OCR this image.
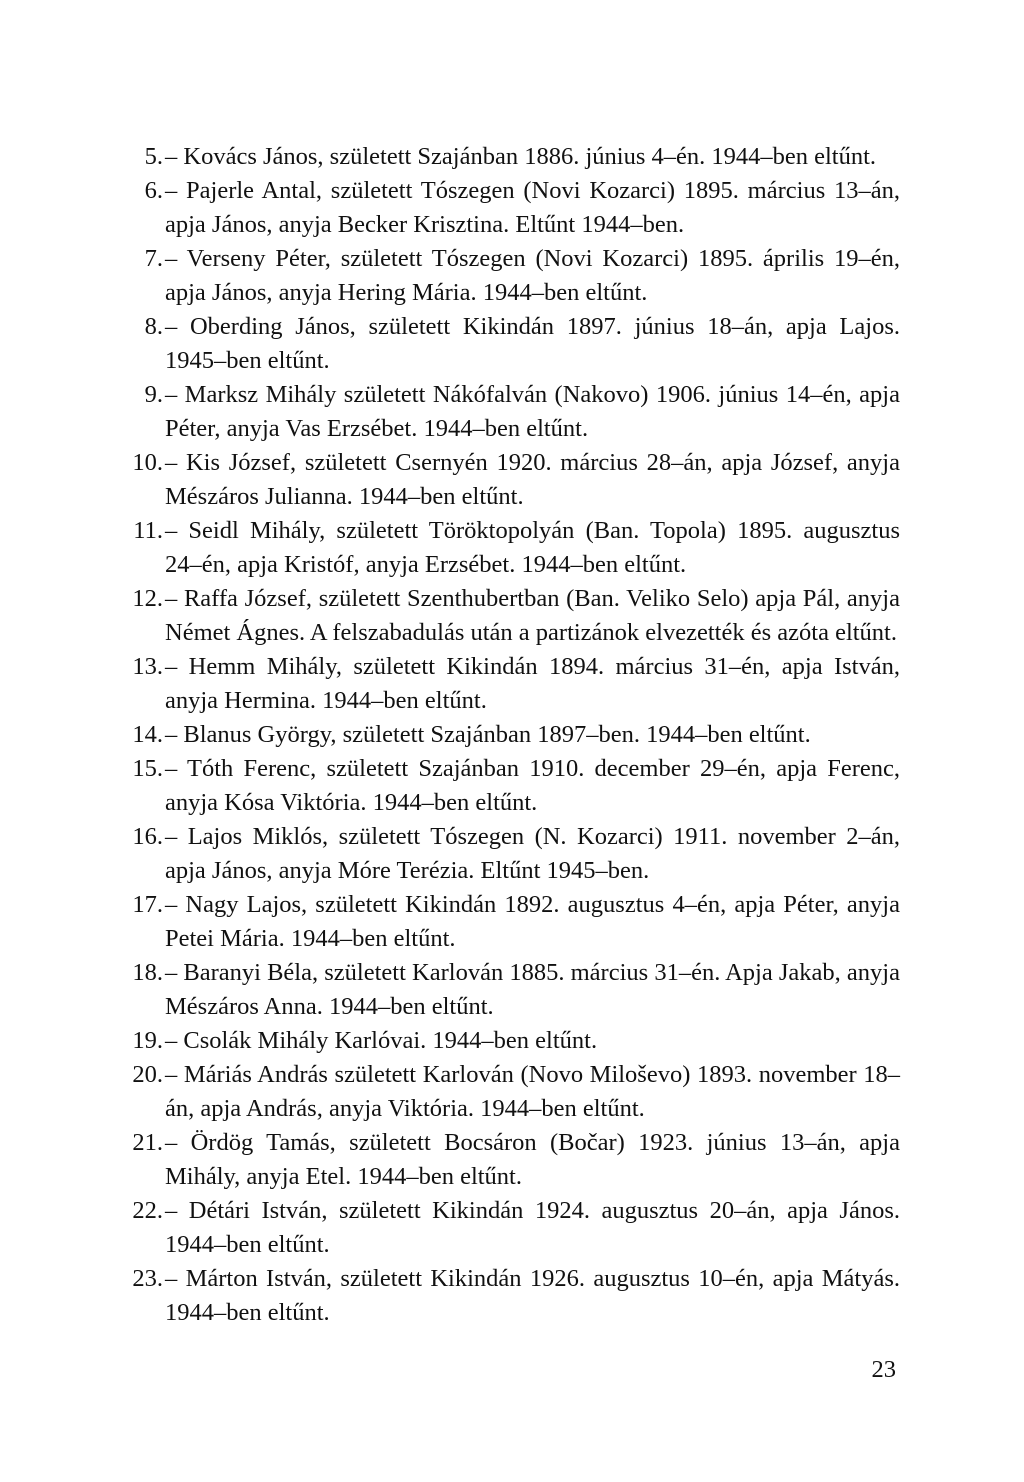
5. – Kovács János, született Szajánban 1886. június 4–én. 1944–ben eltűnt.

6. – Pajerle Antal, született Tószegen (Novi Kozarci) 1895. március 13–án, apja János, anyja Becker Krisztina. Eltűnt 1944–ben.

7. – Verseny Péter, született Tószegen (Novi Kozarci) 1895. április 19–én, apja János, anyja Hering Mária. 1944–ben eltűnt.

8. – Oberding János, született Kikindán 1897. június 18–án, apja Lajos. 1945–ben eltűnt.

9. – Marksz Mihály született Nákófalván (Nakovo) 1906. június 14–én, apja Péter, anyja Vas Erzsébet. 1944–ben eltűnt.

10. – Kis József, született Csernyén 1920. március 28–án, apja József, anyja Mészáros Julianna. 1944–ben eltűnt.

11. – Seidl Mihály, született Töröktopolyán (Ban. Topola) 1895. augusztus 24–én, apja Kristóf, anyja Erzsébet. 1944–ben eltűnt.

12. – Raffa József, született Szenthubertban (Ban. Veliko Selo) apja Pál, anyja Német Ágnes. A felszabadulás után a partizánok elvezették és azóta eltűnt.

13. – Hemm Mihály, született Kikindán 1894. március 31–én, apja István, anyja Hermina. 1944–ben eltűnt.

14. – Blanus György, született Szajánban 1897–ben. 1944–ben eltűnt.

15. – Tóth Ferenc, született Szajánban 1910. december 29–én, apja Ferenc, anyja Kósa Viktória. 1944–ben eltűnt.

16. – Lajos Miklós, született Tószegen (N. Kozarci) 1911. november 2–án, apja János, anyja Móre Terézia. Eltűnt 1945–ben.

17. – Nagy Lajos, született Kikindán 1892. augusztus 4–én, apja Péter, anyja Petei Mária. 1944–ben eltűnt.

18. – Baranyi Béla, született Karlován 1885. március 31–én. Apja Jakab, anyja Mészáros Anna. 1944–ben eltűnt.

19. – Csolák Mihály Karlóvai. 1944–ben eltűnt.

20. – Máriás András született Karlován (Novo Miloševo) 1893. november 18–án, apja András, anyja Viktória. 1944–ben eltűnt.

21. – Ördög Tamás, született Bocsáron (Bočar) 1923. június 13–án, apja Mihály, anyja Etel. 1944–ben eltűnt.

22. – Détári István, született Kikindán 1924. augusztus 20–án, apja János. 1944–ben eltűnt.

23. – Márton István, született Kikindán 1926. augusztus 10–én, apja Mátyás. 1944–ben eltűnt.

23
